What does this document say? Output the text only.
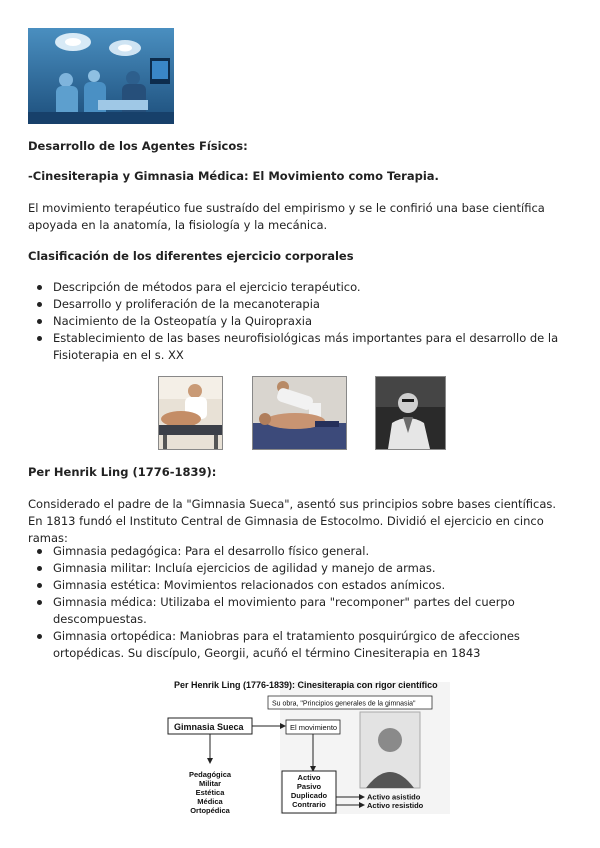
Desarrollo de los Agentes Físicos:
-Cinesiterapia y Gimnasia Médica: El Movimiento como Terapia.
El movimiento terapéutico fue sustraído del empirismo y se le confirió una base científica apoyada en la anatomía, la fisiología y la mecánica.
Clasificación de los diferentes ejercicio corporales
Descripción de métodos para el ejercicio terapéutico.
Desarrollo y proliferación de la mecanoterapia
Nacimiento de la Osteopatía y la Quiropraxia
Establecimiento de las bases neurofisiológicas más importantes para el desarrollo de la Fisioterapia en el s. XX
Per Henrik Ling (1776-1839):
Considerado el padre de la "Gimnasia Sueca", asentó sus principios sobre bases científicas. En 1813 fundó el Instituto Central de Gimnasia de Estocolmo. Dividió el ejercicio en cinco ramas:
Gimnasia pedagógica: Para el desarrollo físico general.
Gimnasia militar: Incluía ejercicios de agilidad y manejo de armas.
Gimnasia estética: Movimientos relacionados con estados anímicos.
Gimnasia médica: Utilizaba el movimiento para "recomponer" partes del cuerpo descompuestas.
Gimnasia ortopédica: Maniobras para el tratamiento posquirúrgico de afecciones ortopédicas. Su discípulo, Georgii, acuñó el término Cinesiterapia en 1843
Per Henrik Ling (1776-1839): Cinesiterapia con rigor científico
Su obra, "Principios generales de la gimnasia"
Gimnasia Sueca	El movimiento
Pedagógica
Militar
Estética
Médica
Ortopédica
Activo
Pasivo
Duplicado
Contrario
Activo asistido
Activo resistido
